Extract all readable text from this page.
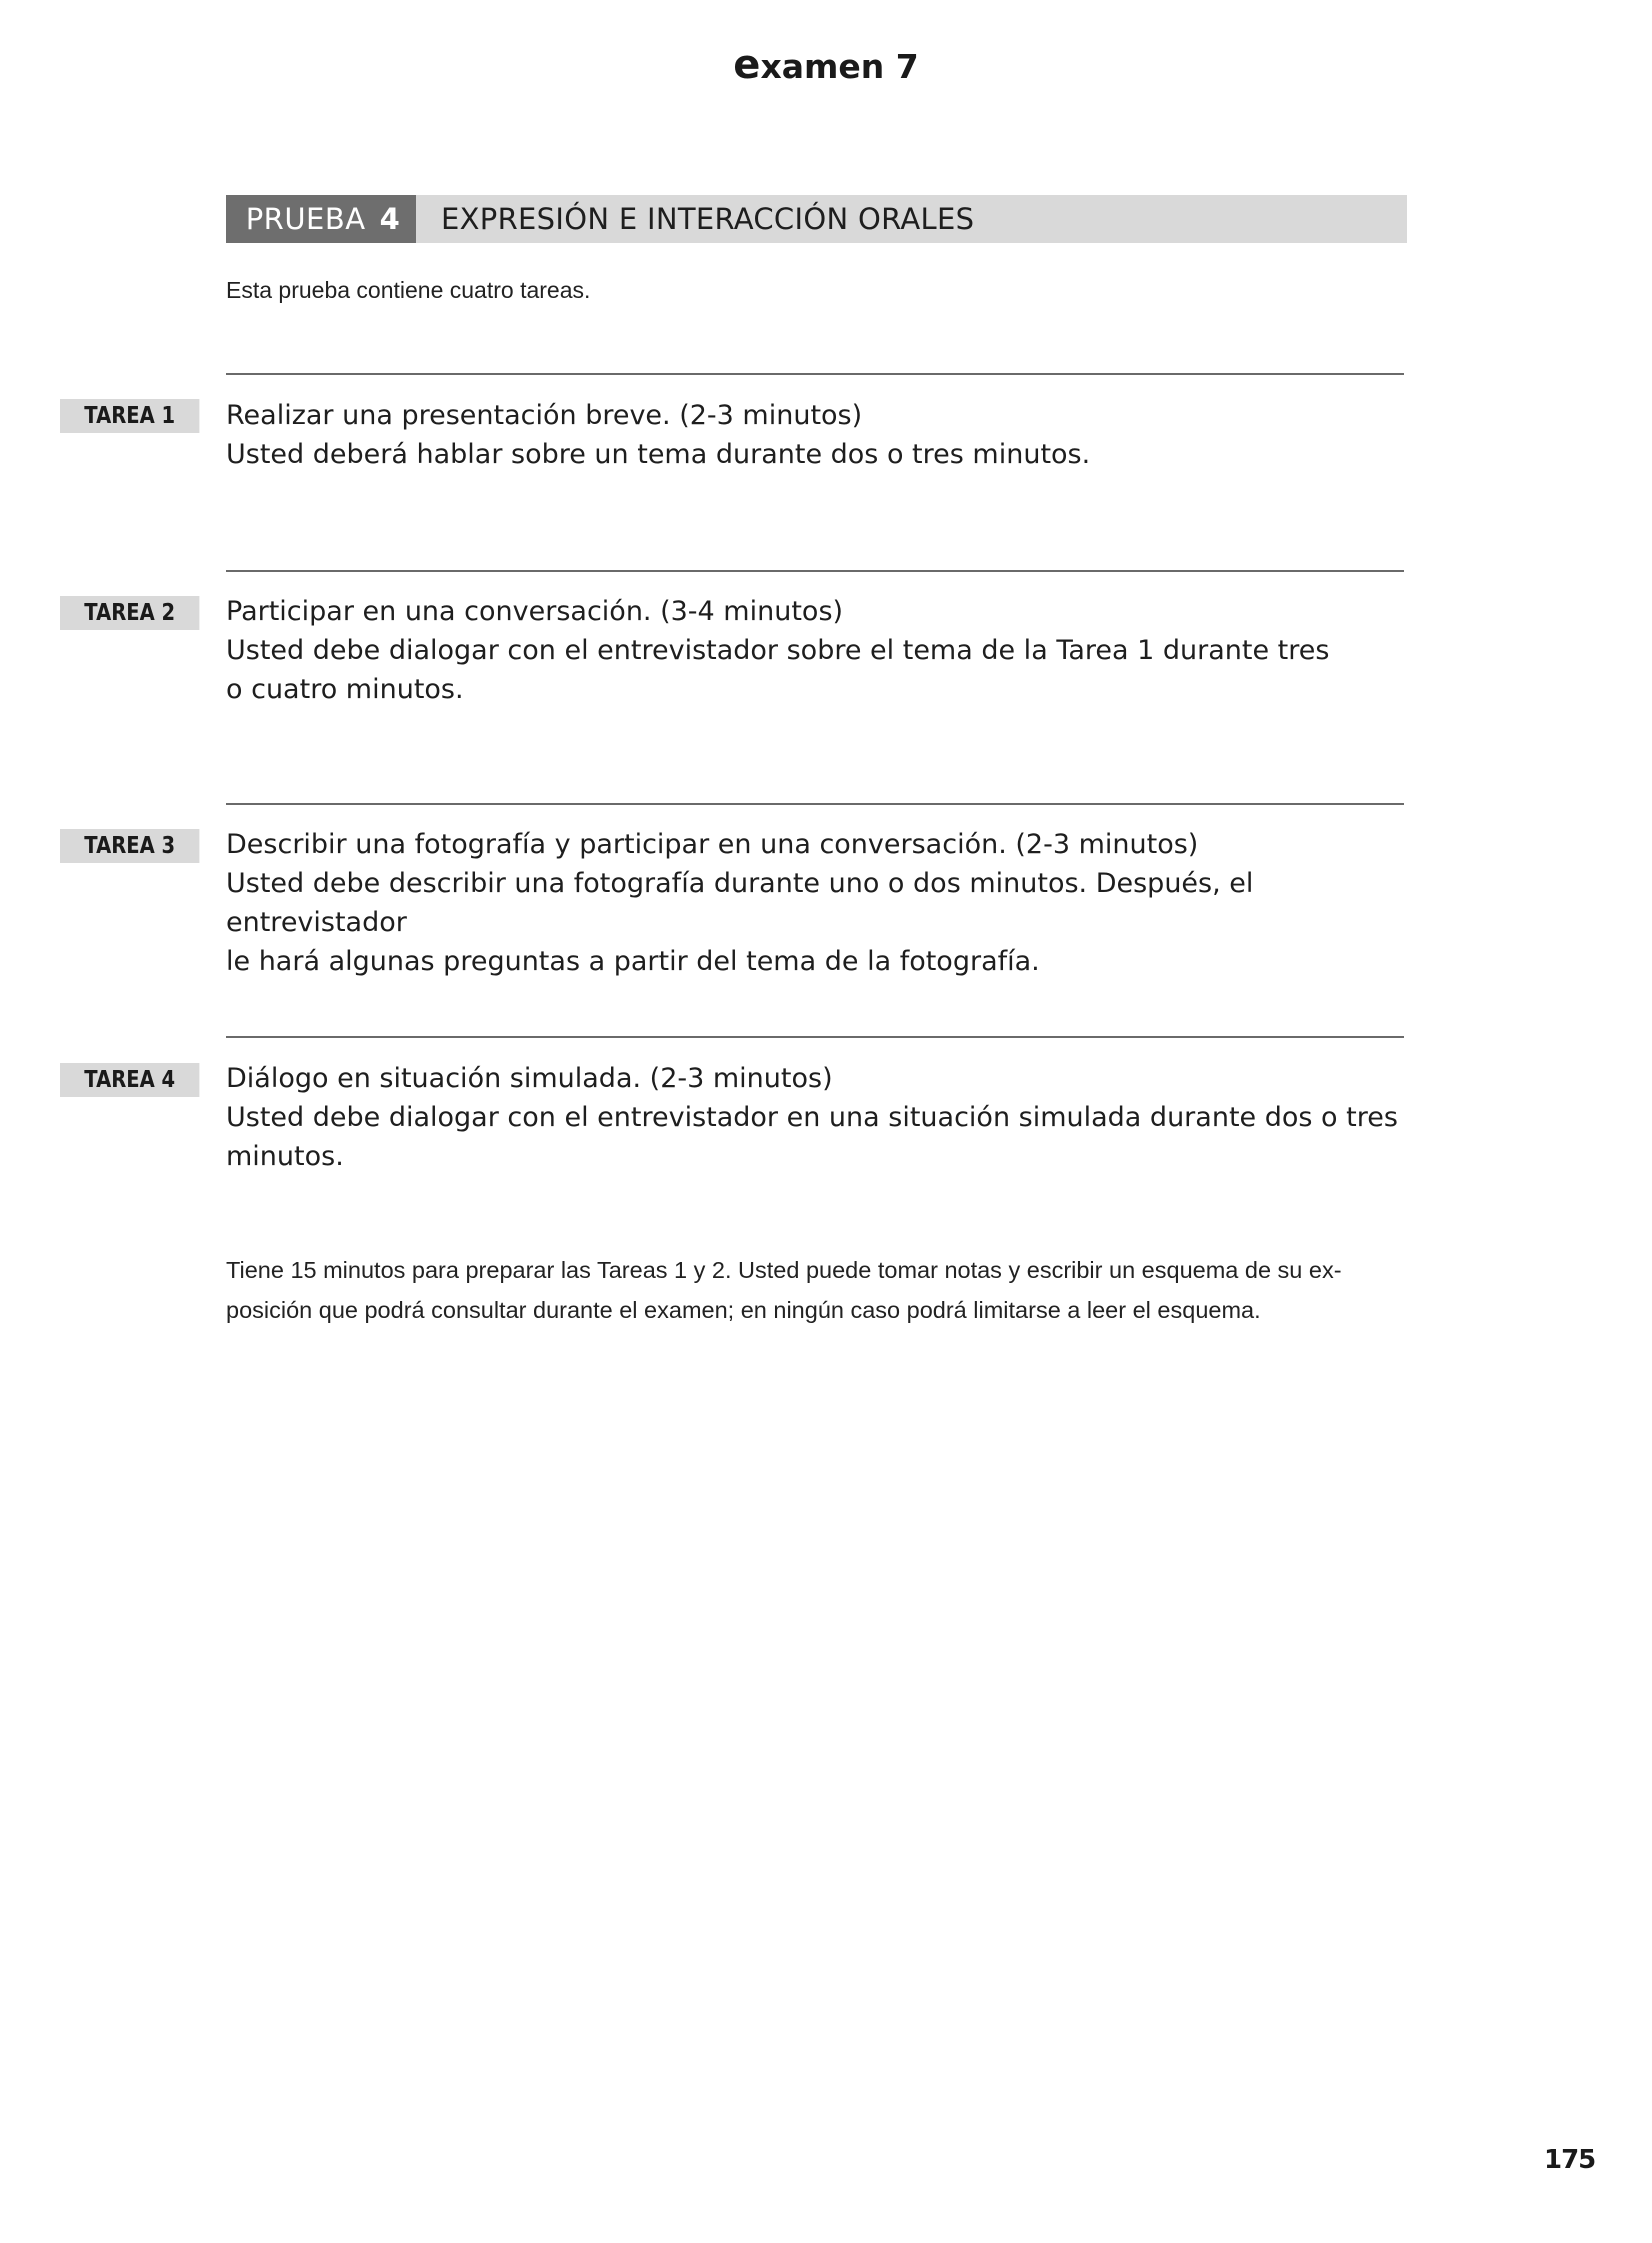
examen 7
PRUEBA 4 EXPRESIÓN E INTERACCIÓN ORALES
Esta prueba contiene cuatro tareas.
TAREA 1	Realizar una presentación breve. (2-3 minutos)

Usted deberá hablar sobre un tema durante dos o tres minutos.

TAREA 2	Participar en una conversación. (3-4 minutos)

Usted debe dialogar con el entrevistador sobre el tema de la Tarea 1 durante tres

o cuatro minutos.

TAREA 3	Describir una fotografía y participar en una conversación. (2-3 minutos)

Usted debe describir una fotografía durante uno o dos minutos. Después, el entrevistador

le hará algunas preguntas a partir del tema de la fotografía.

TAREA 4	Diálogo en situación simulada. (2-3 minutos)

Usted debe dialogar con el entrevistador en una situación simulada durante dos o tres

minutos.

Tiene 15 minutos para preparar las Tareas 1 y 2. Usted puede tomar notas y escribir un esquema de su ex-

posición que podrá consultar durante el examen; en ningún caso podrá limitarse a leer el esquema.

175
